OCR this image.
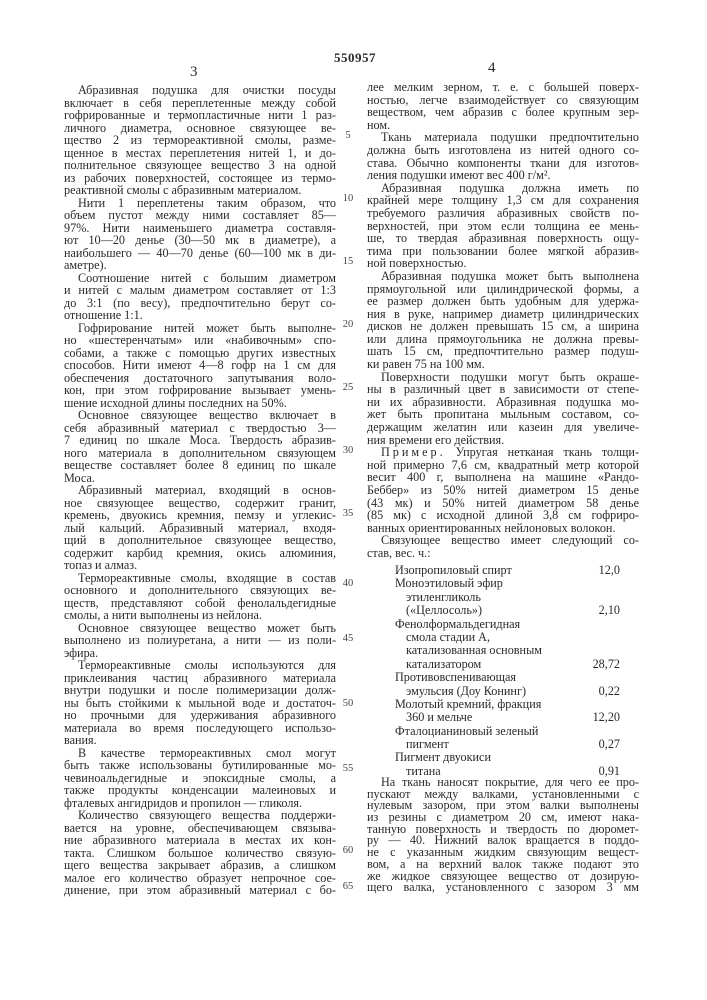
550957
3	4
5
10
15
20
25
30
35
40
45
50
55
60
65
Абразивная подушка для очистки посуды
включает в себя переплетенные между собой
гофрированные и термопластичные нити 1 раз-
личного диаметра, основное связующее ве-
щество 2 из термореактивной смолы, разме-
щенное в местах переплетения нитей 1, и до-
полнительное связующее вещество 3 на одной
из рабочих поверхностей, состоящее из термо-
реактивной смолы с абразивным материалом.
Нити 1 переплетены таким образом, что
объем пустот между ними составляет 85—
97%. Нити наименьшего диаметра составля-
ют 10—20 денье (30—50 мк в диаметре), а
наибольшего — 40—70 денье (60—100 мк в ди-
аметре).
Соотношение нитей с большим диаметром
и нитей с малым диаметром составляет от 1:3
до 3:1 (по весу), предпочтительно берут со-
отношение 1:1.
Гофрирование нитей может быть выполне-
но «шестеренчатым» или «набивочным» спо-
собами, а также с помощью других известных
способов. Нити имеют 4—8 гофр на 1 см для
обеспечения достаточного запутывания воло-
кон, при этом гофрирование вызывает умень-
шение исходной длины последних на 50%.
Основное связующее вещество включает в
себя абразивный материал с твердостью 3—
7 единиц по шкале Моса. Твердость абразив-
ного материала в дополнительном связующем
веществе составляет более 8 единиц по шкале
Моса.
Абразивный материал, входящий в основ-
ное связующее вещество, содержит гранит,
кремень, двуокись кремния, пемзу и углекис-
лый кальций. Абразивный материал, входя-
щий в дополнительное связующее вещество,
содержит карбид кремния, окись алюминия,
топаз и алмаз.
Термореактивные смолы, входящие в состав
основного и дополнительного связующих ве-
ществ, представляют собой фенолальдегидные
смолы, а нити выполнены из нейлона.
Основное связующее вещество может быть
выполнено из полиуретана, а нити — из поли-
эфира.
Термореактивные смолы используются для
приклеивания частиц абразивного материала
внутри подушки и после полимеризации долж-
ны быть стойкими к мыльной воде и достаточ-
но прочными для удерживания абразивного
материала во время последующего использо-
вания.
В качестве термореактивных смол могут
быть также использованы бутилированные мо-
чевиноальдегидные и эпоксидные смолы, а
также продукты конденсации малеиновых и
фталевых ангидридов и пропилон — гликоля.
Количество связующего вещества поддержи-
вается на уровне, обеспечивающем связыва-
ние абразивного материала в местах их кон-
такта. Слишком большое количество связую-
щего вещества закрывает абразив, а слишком
малое его количество образует непрочное сое-
динение, при этом абразивный материал с бо-
лее мелким зерном, т. е. с большей поверх-
ностью, легче взаимодействует со связующим
веществом, чем абразив с более крупным зер-
ном.
Ткань материала подушки предпочтительно
должна быть изготовлена из нитей одного со-
става. Обычно компоненты ткани для изготов-
ления подушки имеют вес 400 г/м².
Абразивная подушка должна иметь по
крайней мере толщину 1,3 см для сохранения
требуемого различия абразивных свойств по-
верхностей, при этом если толщина ее мень-
ше, то твердая абразивная поверхность ощу-
тима при пользовании более мягкой абразив-
ной поверхностью.
Абразивная подушка может быть выполнена
прямоугольной или цилиндрической формы, а
ее размер должен быть удобным для удержа-
ния в руке, например диаметр цилиндрических
дисков не должен превышать 15 см, а ширина
или длина прямоугольника не должна превы-
шать 15 см, предпочтительно размер подуш-
ки равен 75 на 100 мм.
Поверхности подушки могут быть окраше-
ны в различный цвет в зависимости от степе-
ни их абразивности. Абразивная подушка мо-
жет быть пропитана мыльным составом, со-
держащим желатин или казеин для увеличе-
ния времени его действия.
Пример. Упругая нетканая ткань толщи-
ной примерно 7,6 см, квадратный метр которой
весит 400 г, выполнена на машине «Рандо-
Беббер» из 50% нитей диаметром 15 денье
(43 мк) и 50% нитей диаметром 58 денье
(85 мк) с исходной длиной 3,8 см гофриро-
ванных ориентированных нейлоновых волокон.
Связующее вещество имеет следующий со-
став, вес. ч.:
Изопропиловый спирт	12,0
Моноэтиловый эфир
этиленгликоль
(«Целлосоль»)	2,10
Фенолформальдегидная
смола стадии А,
катализованная основным
катализатором	28,72
Противовспенивающая
эмульсия (Доу Конинг)	0,22
Молотый кремний, фракция
360 и мельче	12,20
Фталоцианиновый зеленый
пигмент	0,27
Пигмент двуокиси
титана	0,91
На ткань наносят покрытие, для чего ее про-
пускают между валками, установленными с
нулевым зазором, при этом валки выполнены
из резины с диаметром 20 см, имеют нака-
танную поверхность и твердость по дюромет-
ру — 40. Нижний валок вращается в поддо-
не с указанным жидким связующим вещест-
вом, а на верхний валок также подают это
же жидкое связующее вещество от дозирую-
щего валка, установленного с зазором 3 мм
